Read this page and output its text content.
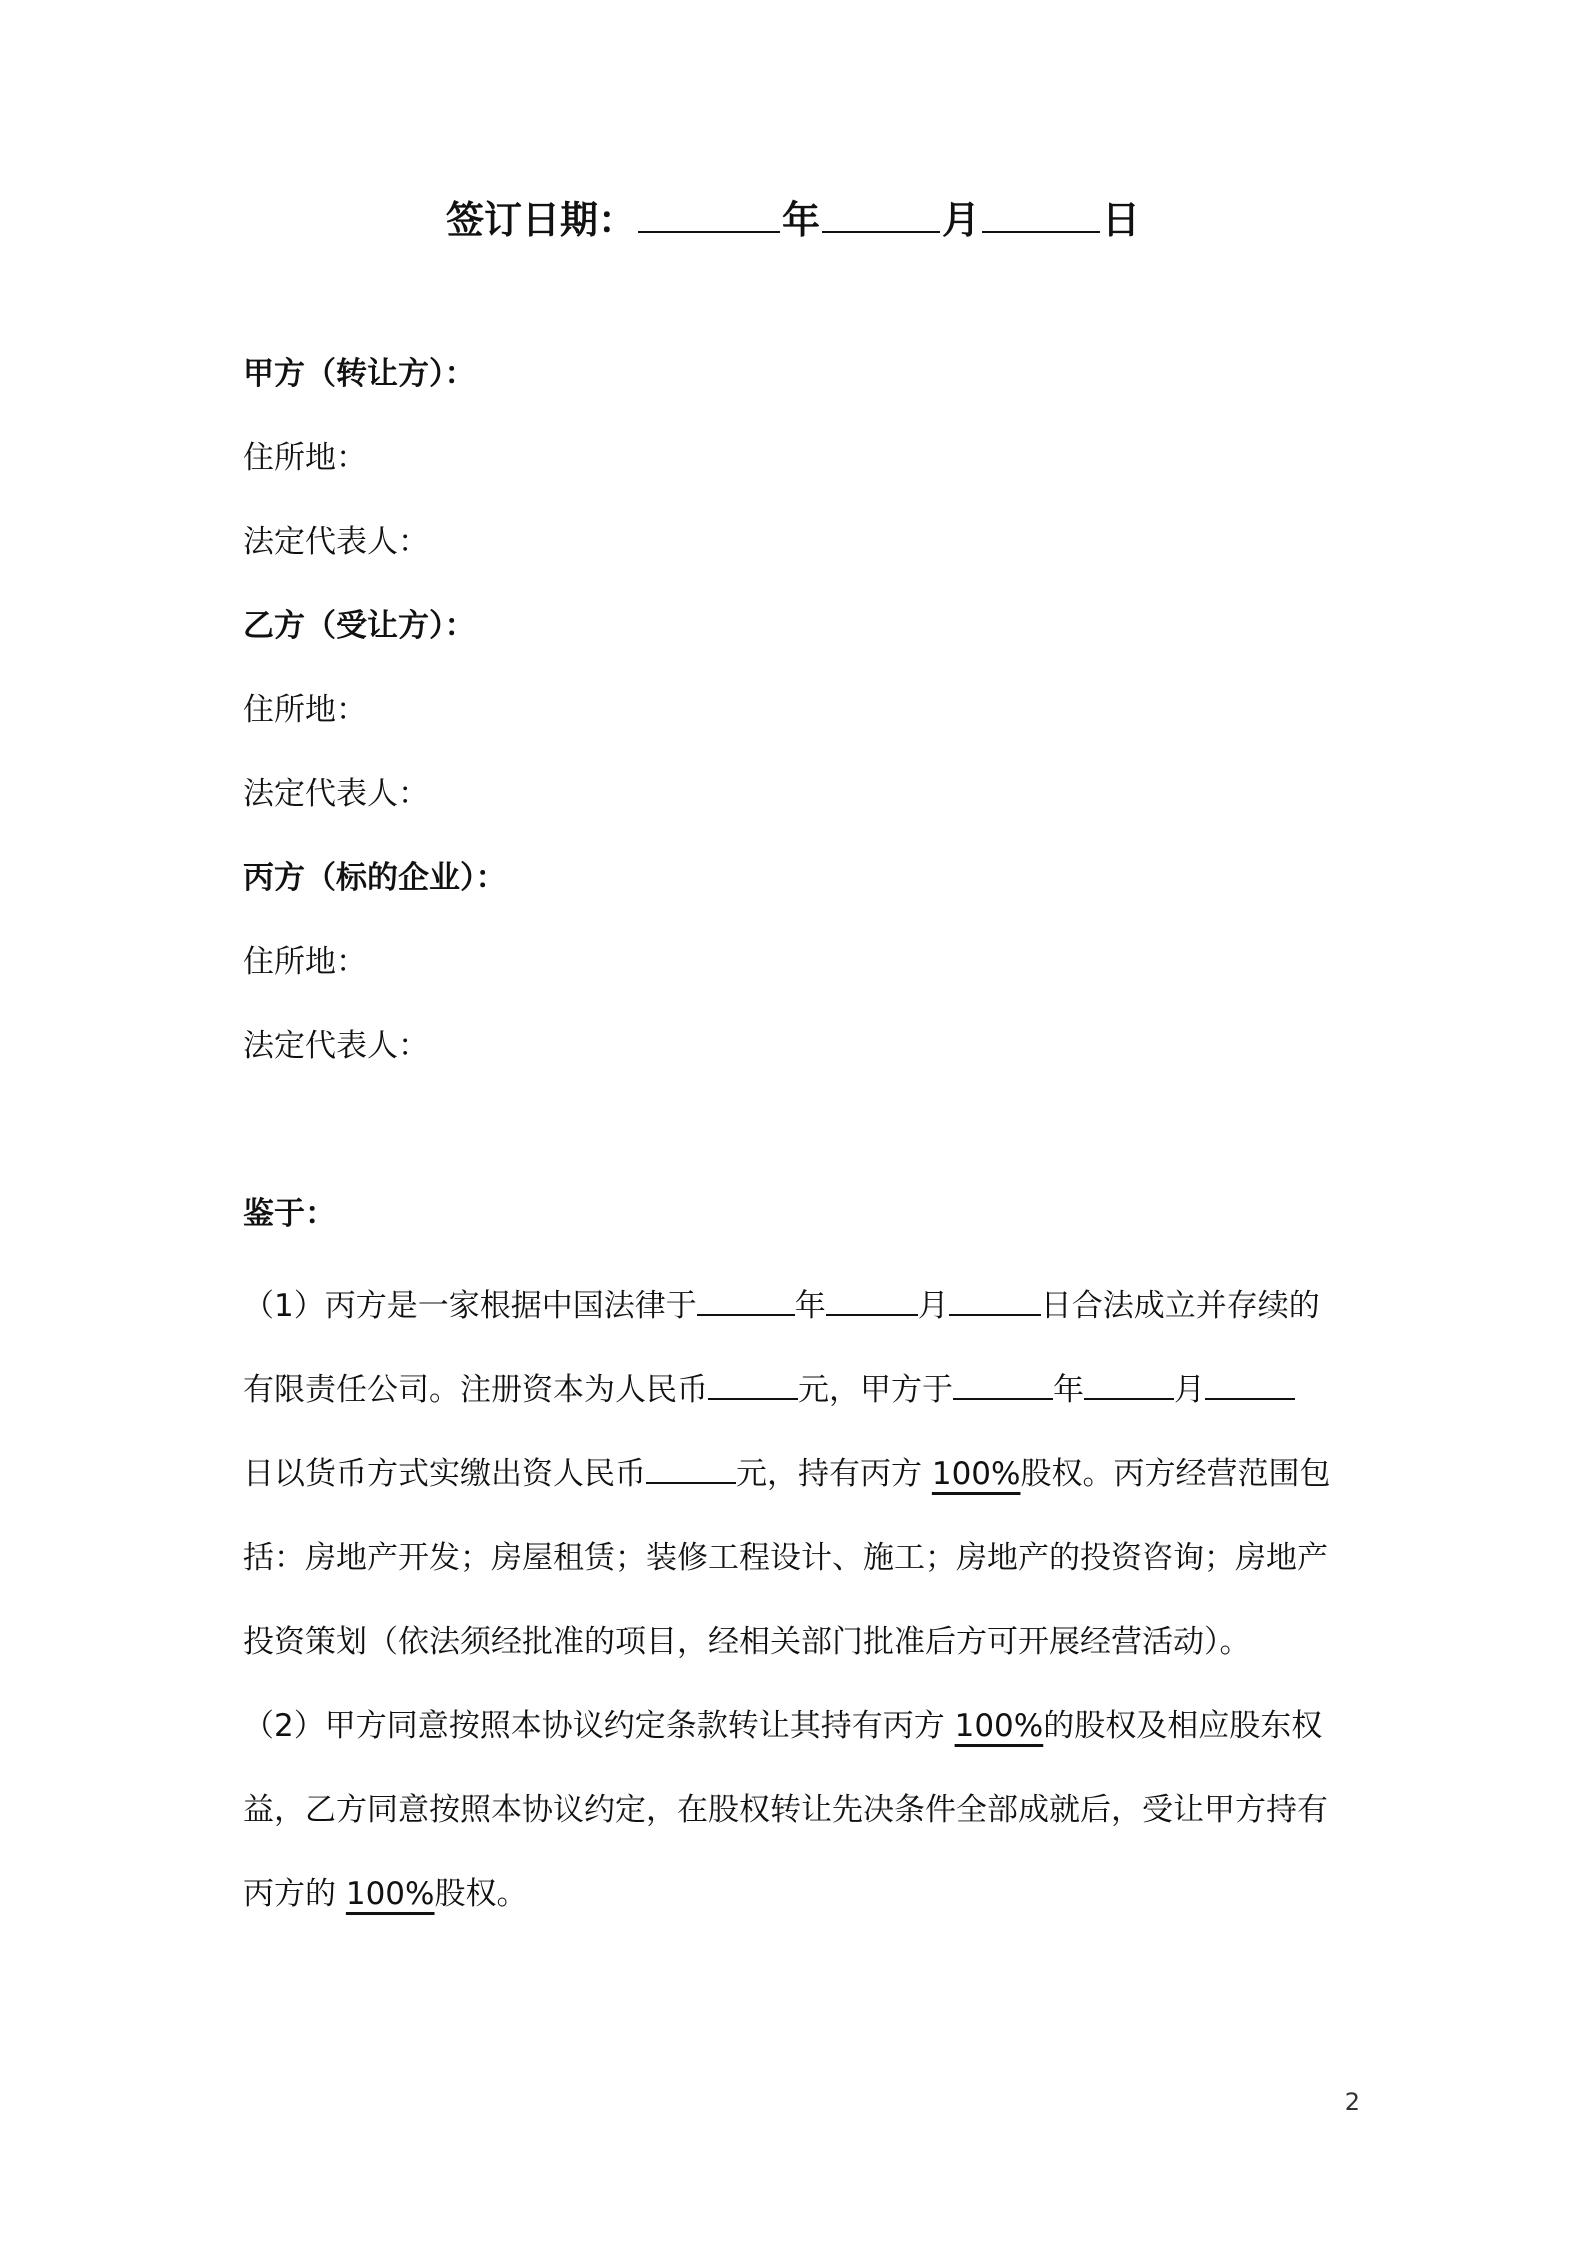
签订日期：	年	月	日
甲方（转让方）：
住所地：
法定代表人：
乙方（受让方）：
住所地：
法定代表人：
丙方（标的企业）：
住所地：
法定代表人：
鉴于：
（1）丙方是一家根据中国法律于	年	月	日合法成立并存续的
有限责任公司。注册资本为人民币	元，甲方于	年	月
日以货币方式实缴出资人民币	元，持有丙方 100%股权。丙方经营范围包
括：房地产开发；房屋租赁；装修工程设计、施工；房地产的投资咨询；房地产
投资策划（依法须经批准的项目，经相关部门批准后方可开展经营活动）。
（2）甲方同意按照本协议约定条款转让其持有丙方 100%的股权及相应股东权
益，乙方同意按照本协议约定，在股权转让先决条件全部成就后，受让甲方持有
丙方的 100%股权。
2
